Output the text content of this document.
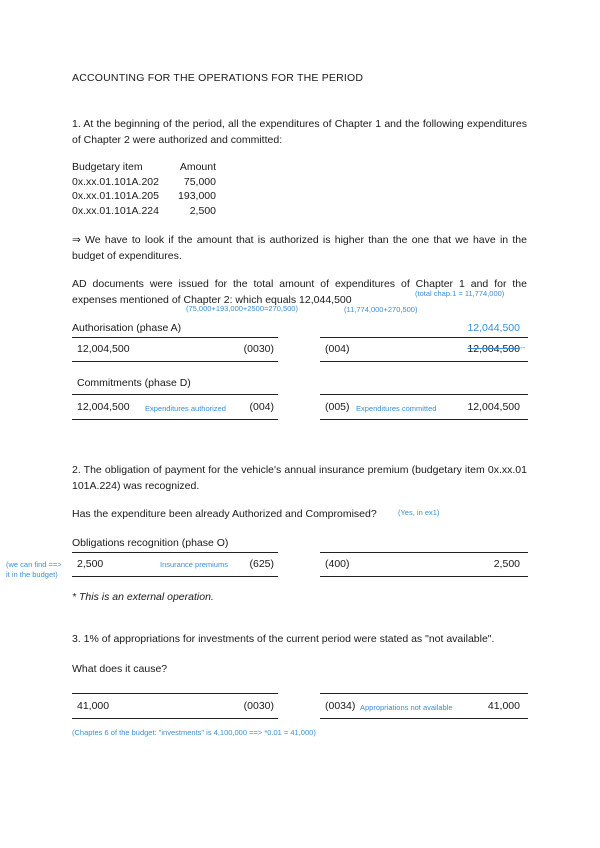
ACCOUNTING FOR THE OPERATIONS FOR THE PERIOD
1. At the beginning of the period, all the expenditures of Chapter 1 and the following expenditures of Chapter 2 were authorized and committed:
Budgetary item	Amount
0x.xx.01.101A.202	75,000
0x.xx.01.101A.205	193,000
0x.xx.01.101A.224	2,500
⇒ We have to look if the amount that is authorized is higher than the one that we have in the budget of expenditures.
AD documents were issued for the total amount of expenditures of Chapter 1 and for the expenses mentioned of Chapter 2: which equals 12,044,500
(total chap.1 = 11,774,000)
(75,000+193,000+2500=270,500)	(11,774,000+270,500)
Authorisation (phase A)	12,044,500
12,004,500	(0030)	(004)	12,004,500 --
Commitments (phase D)
12,004,500 Expenditures authorized (004)	(005) Expenditures committed	12,004,500
2. The obligation of payment for the vehicle's annual insurance premium (budgetary item 0x.xx.01 101A.224) was recognized.
Has the expenditure been already Authorized and Compromised?	(Yes, in ex1)
Obligations recognition (phase O)
(we can find ==>
it in the budget)
2,500	Insurance premiums (625)	(400)	2,500
* This is an external operation.
3. 1% of appropriations for investments of the current period were stated as "not available".
What does it cause?
41,000	(0030)	(0034) Appropriations not available	41,000
(Chaptes 6 of the budget: "investments" is 4,100,000 ==> *0.01 = 41,000)
